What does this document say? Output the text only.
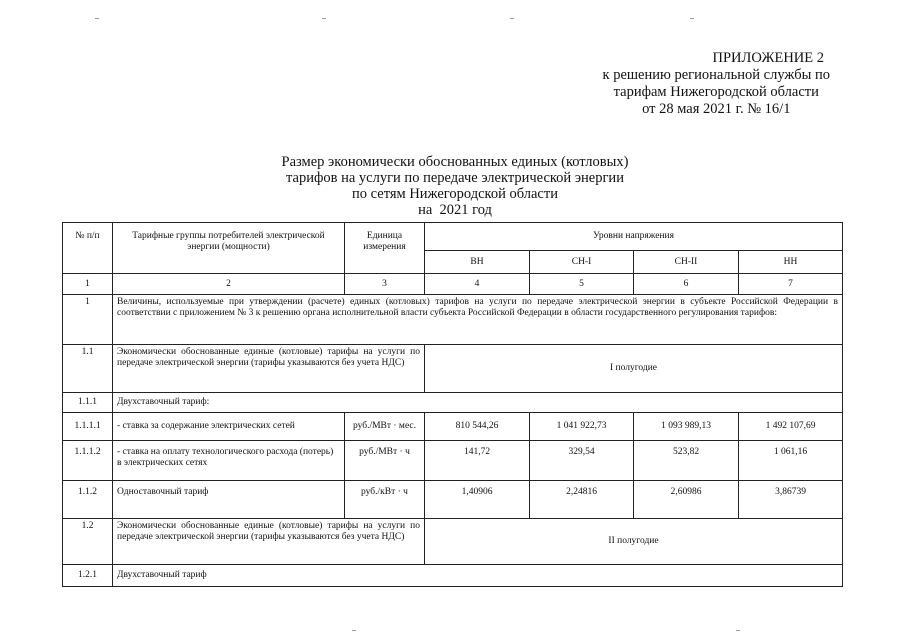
ПРИЛОЖЕНИЕ 2
к решению региональной службы по
тарифам Нижегородской области
от 28 мая 2021 г. № 16/1
Размер экономически обоснованных единых (котловых)
тарифов на услуги по передаче электрической энергии
по сетям Нижегородской области
на  2021 год
№ п/п	Тарифные группы потребителей электрической энергии (мощности)	Единица измерения	Уровни напряжения			
			ВН	СН-I	СН-II	НН
1	2	3	4	5	6	7
1	Величины, используемые при утверждении (расчете) единых (котловых) тарифов на услуги по передаче электрической энергии в субъекте Российской Федерации в соответствии с приложением № 3 к решению органа исполнительной власти субъекта Российской Федерации в области государственного регулирования тарифов:					
1.1	Экономически обоснованные единые (котловые) тарифы на услуги по передаче электрической энергии (тарифы указываются без учета НДС)		I полугодие			
1.1.1	Двухставочный тариф:					
1.1.1.1	- ставка за содержание электрических сетей	руб./МВт · мес.	810 544,26	1 041 922,73	1 093 989,13	1 492 107,69
1.1.1.2	- ставка на оплату технологического расхода (потерь) в электрических сетях	руб./МВт · ч	141,72	329,54	523,82	1 061,16
1.1.2	Одноставочный тариф	руб./кВт · ч	1,40906	2,24816	2,60986	3,86739
1.2	Экономически обоснованные единые (котловые) тарифы на услуги по передаче электрической энергии (тарифы указываются без учета НДС)		II полугодие			
1.2.1	Двухставочный тариф					
